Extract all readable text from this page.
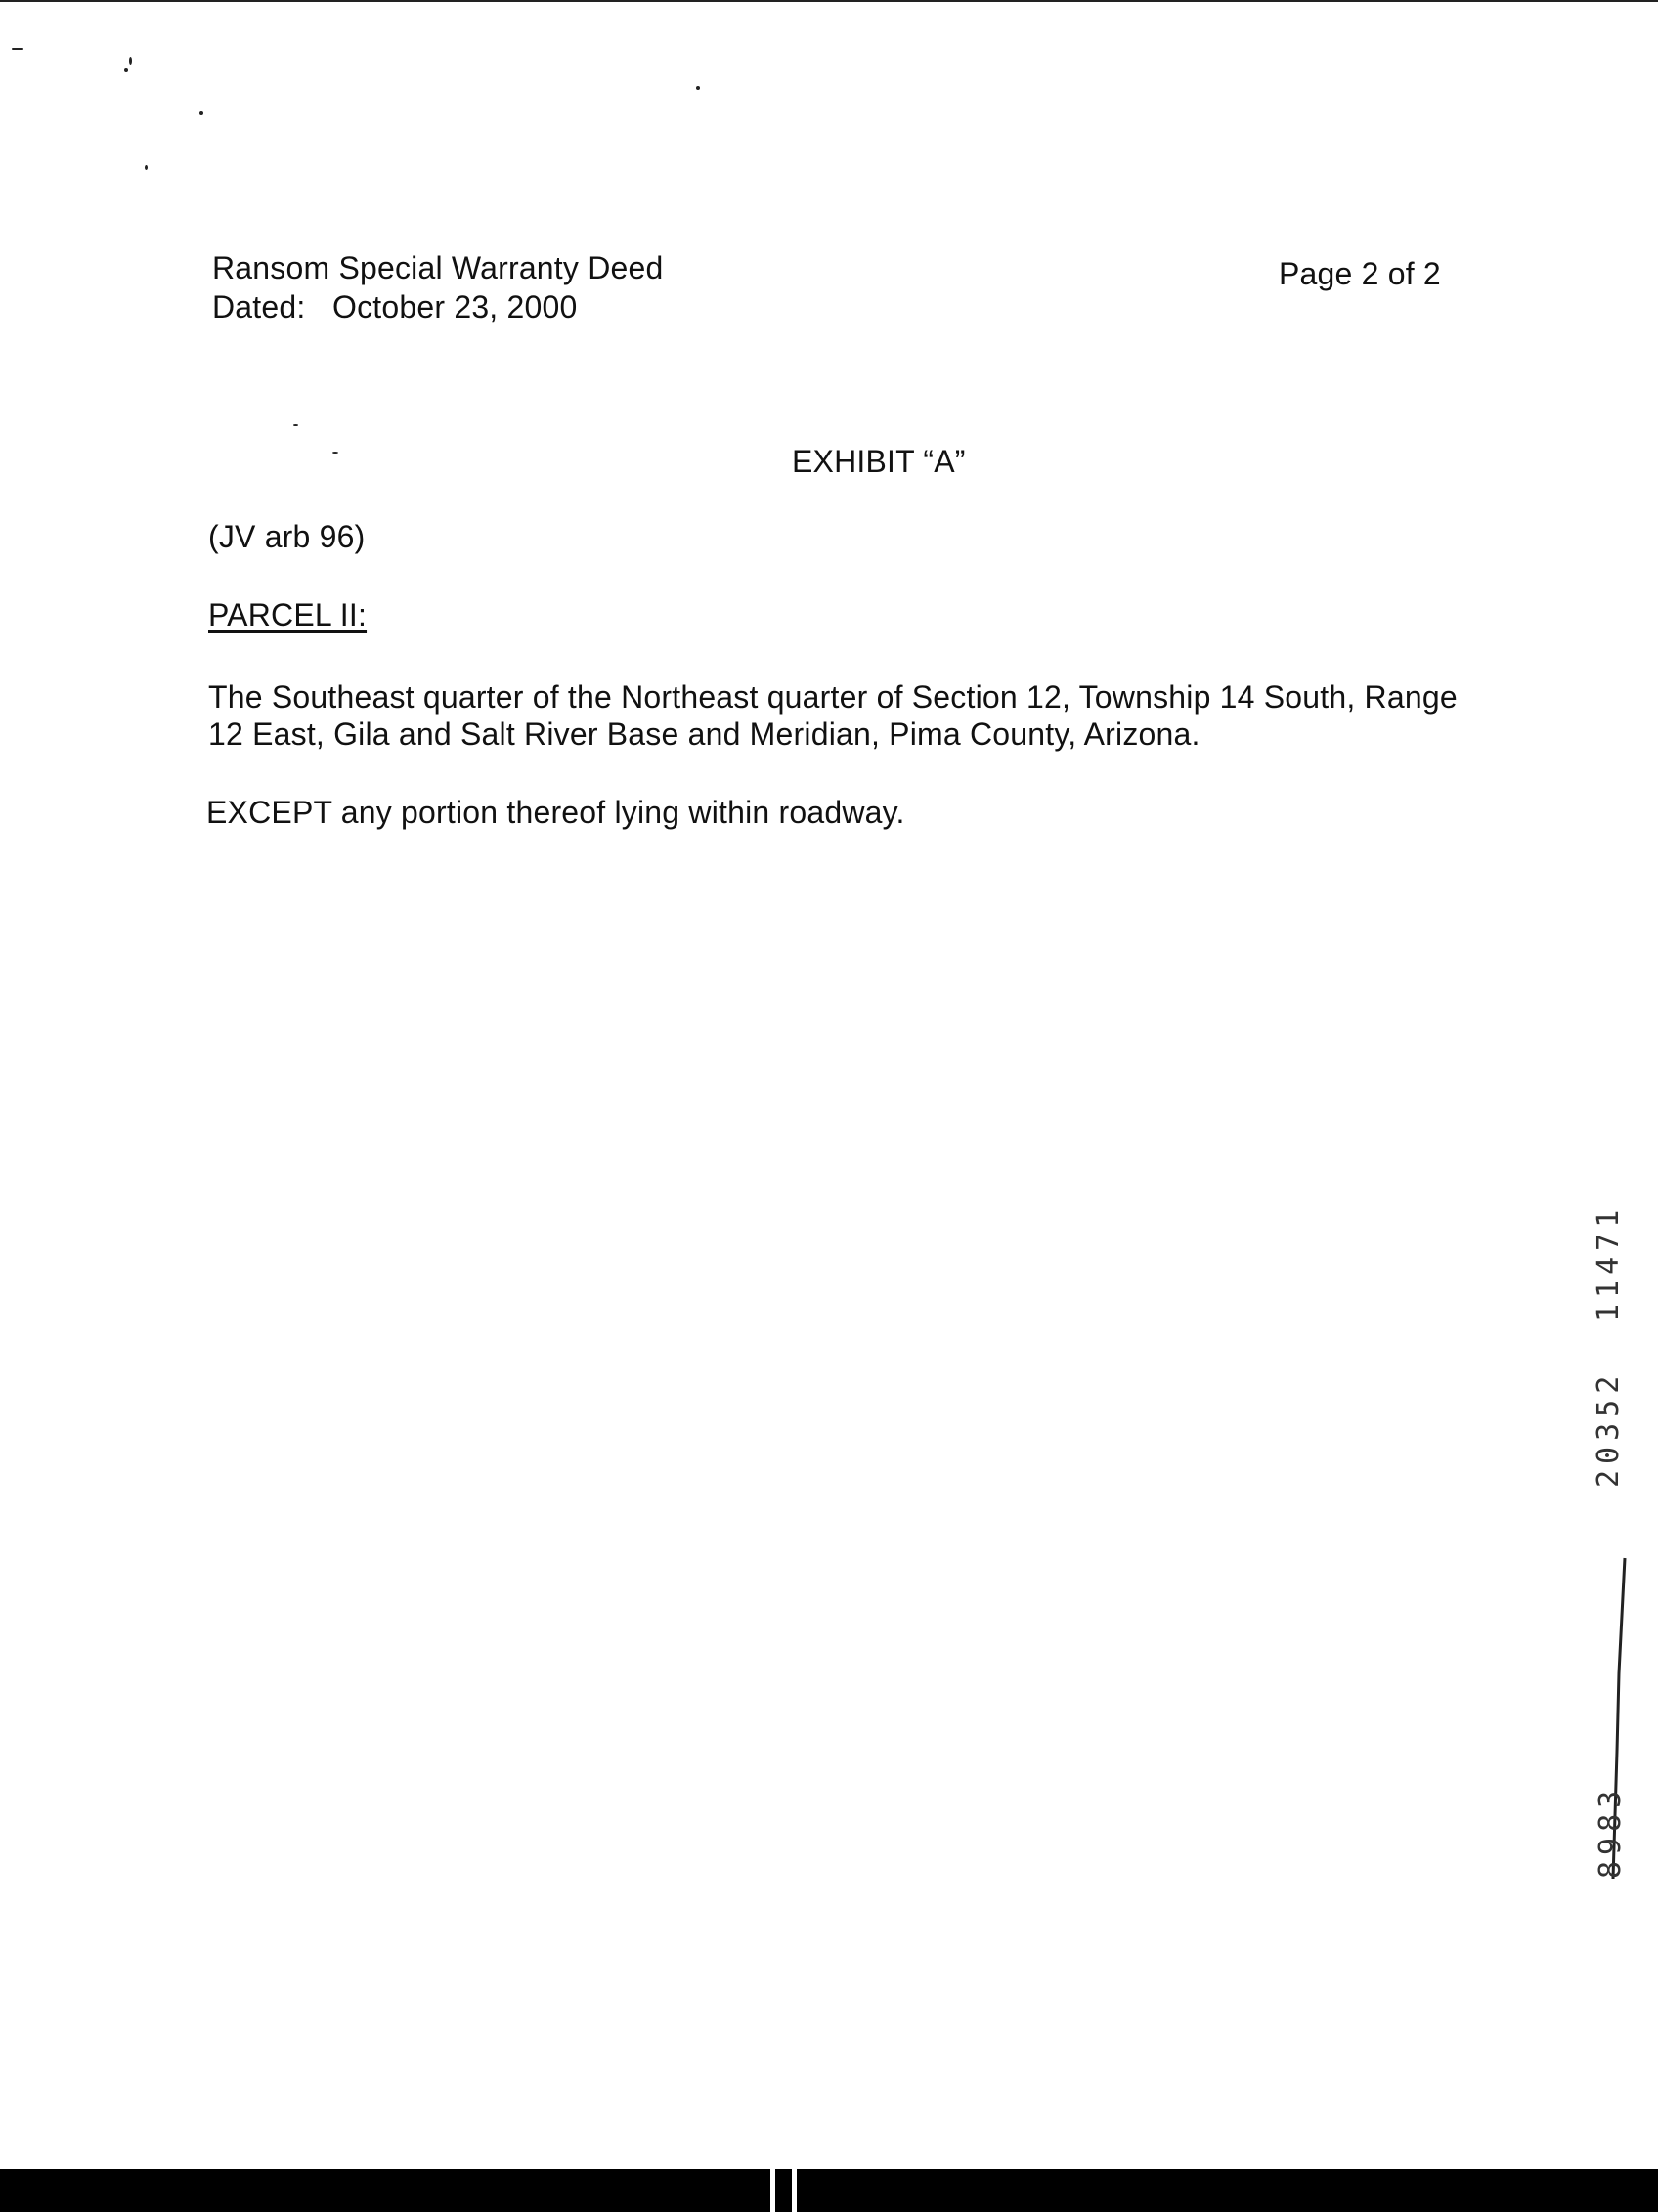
Ransom Special Warranty Deed
Dated: October 23, 2000
Page 2 of 2
EXHIBIT “A”
(JV arb 96)
PARCEL II:
The Southeast quarter of the Northeast quarter of Section 12, Township 14 South, Range
12 East, Gila and Salt River Base and Meridian, Pima County, Arizona.
EXCEPT any portion thereof lying within roadway.
11471
20352
8983
